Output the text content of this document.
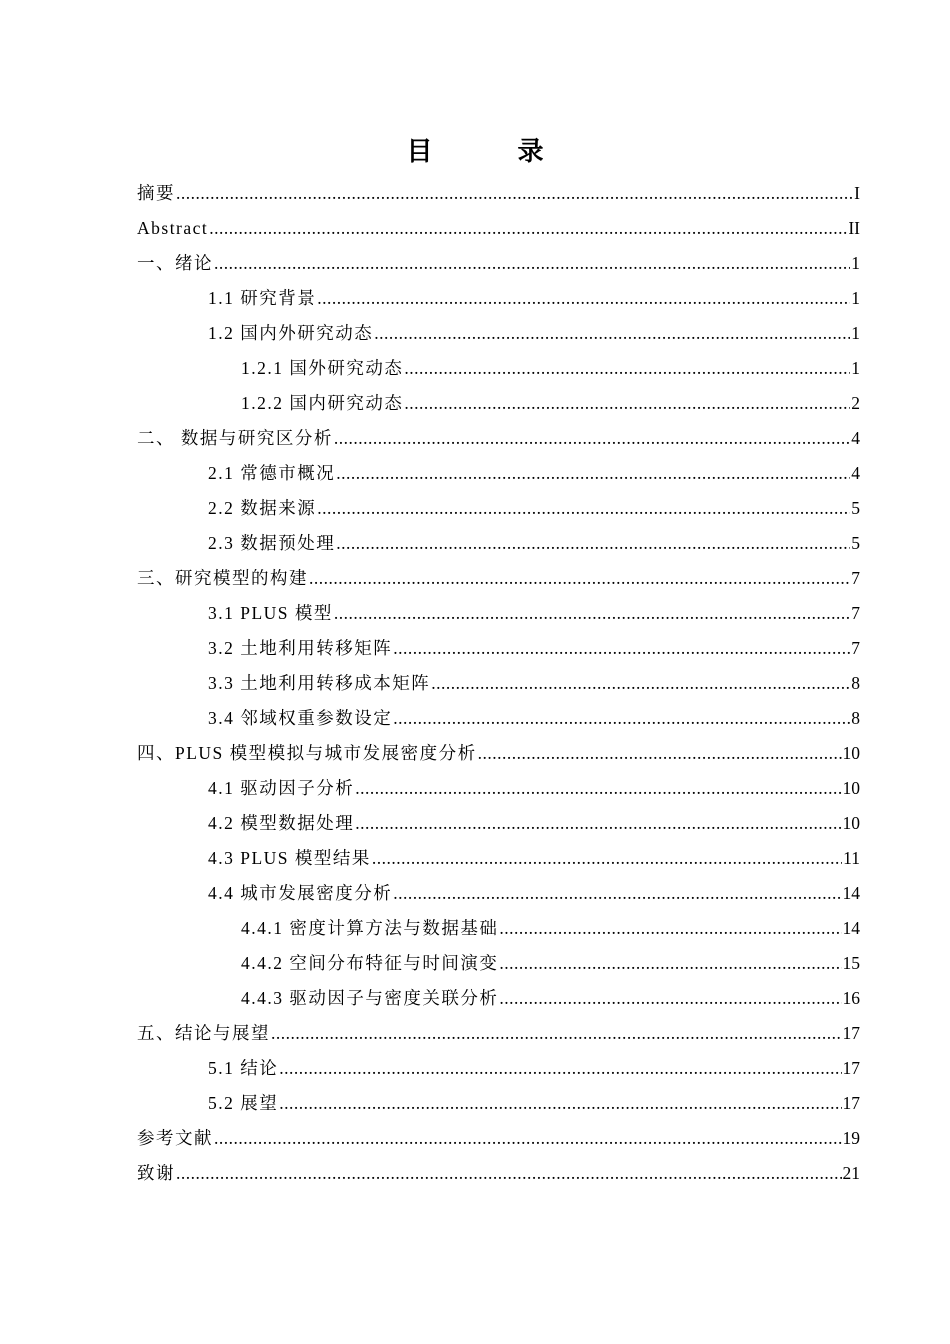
目 录
摘要 .....	I
Abstract .....	II
一、绪论 .....	1
1.1 研究背景 .....	1
1.2 国内外研究动态 .....	1
1.2.1 国外研究动态 .....	1
1.2.2 国内研究动态 .....	2
二、 数据与研究区分析 .....	4
2.1 常德市概况 .....	4
2.2 数据来源 .....	5
2.3 数据预处理 .....	5
三、研究模型的构建 .....	7
3.1 PLUS 模型 .....	7
3.2 土地利用转移矩阵 .....	7
3.3 土地利用转移成本矩阵 .....	8
3.4 邻域权重参数设定 .....	8
四、PLUS 模型模拟与城市发展密度分析 .....	10
4.1 驱动因子分析 .....	10
4.2 模型数据处理 .....	10
4.3 PLUS 模型结果 .....	11
4.4 城市发展密度分析 .....	14
4.4.1 密度计算方法与数据基础 .....	14
4.4.2 空间分布特征与时间演变 .....	15
4.4.3 驱动因子与密度关联分析 .....	16
五、结论与展望 .....	17
5.1 结论 .....	17
5.2 展望 .....	17
参考文献 .....	19
致谢 .....	21
